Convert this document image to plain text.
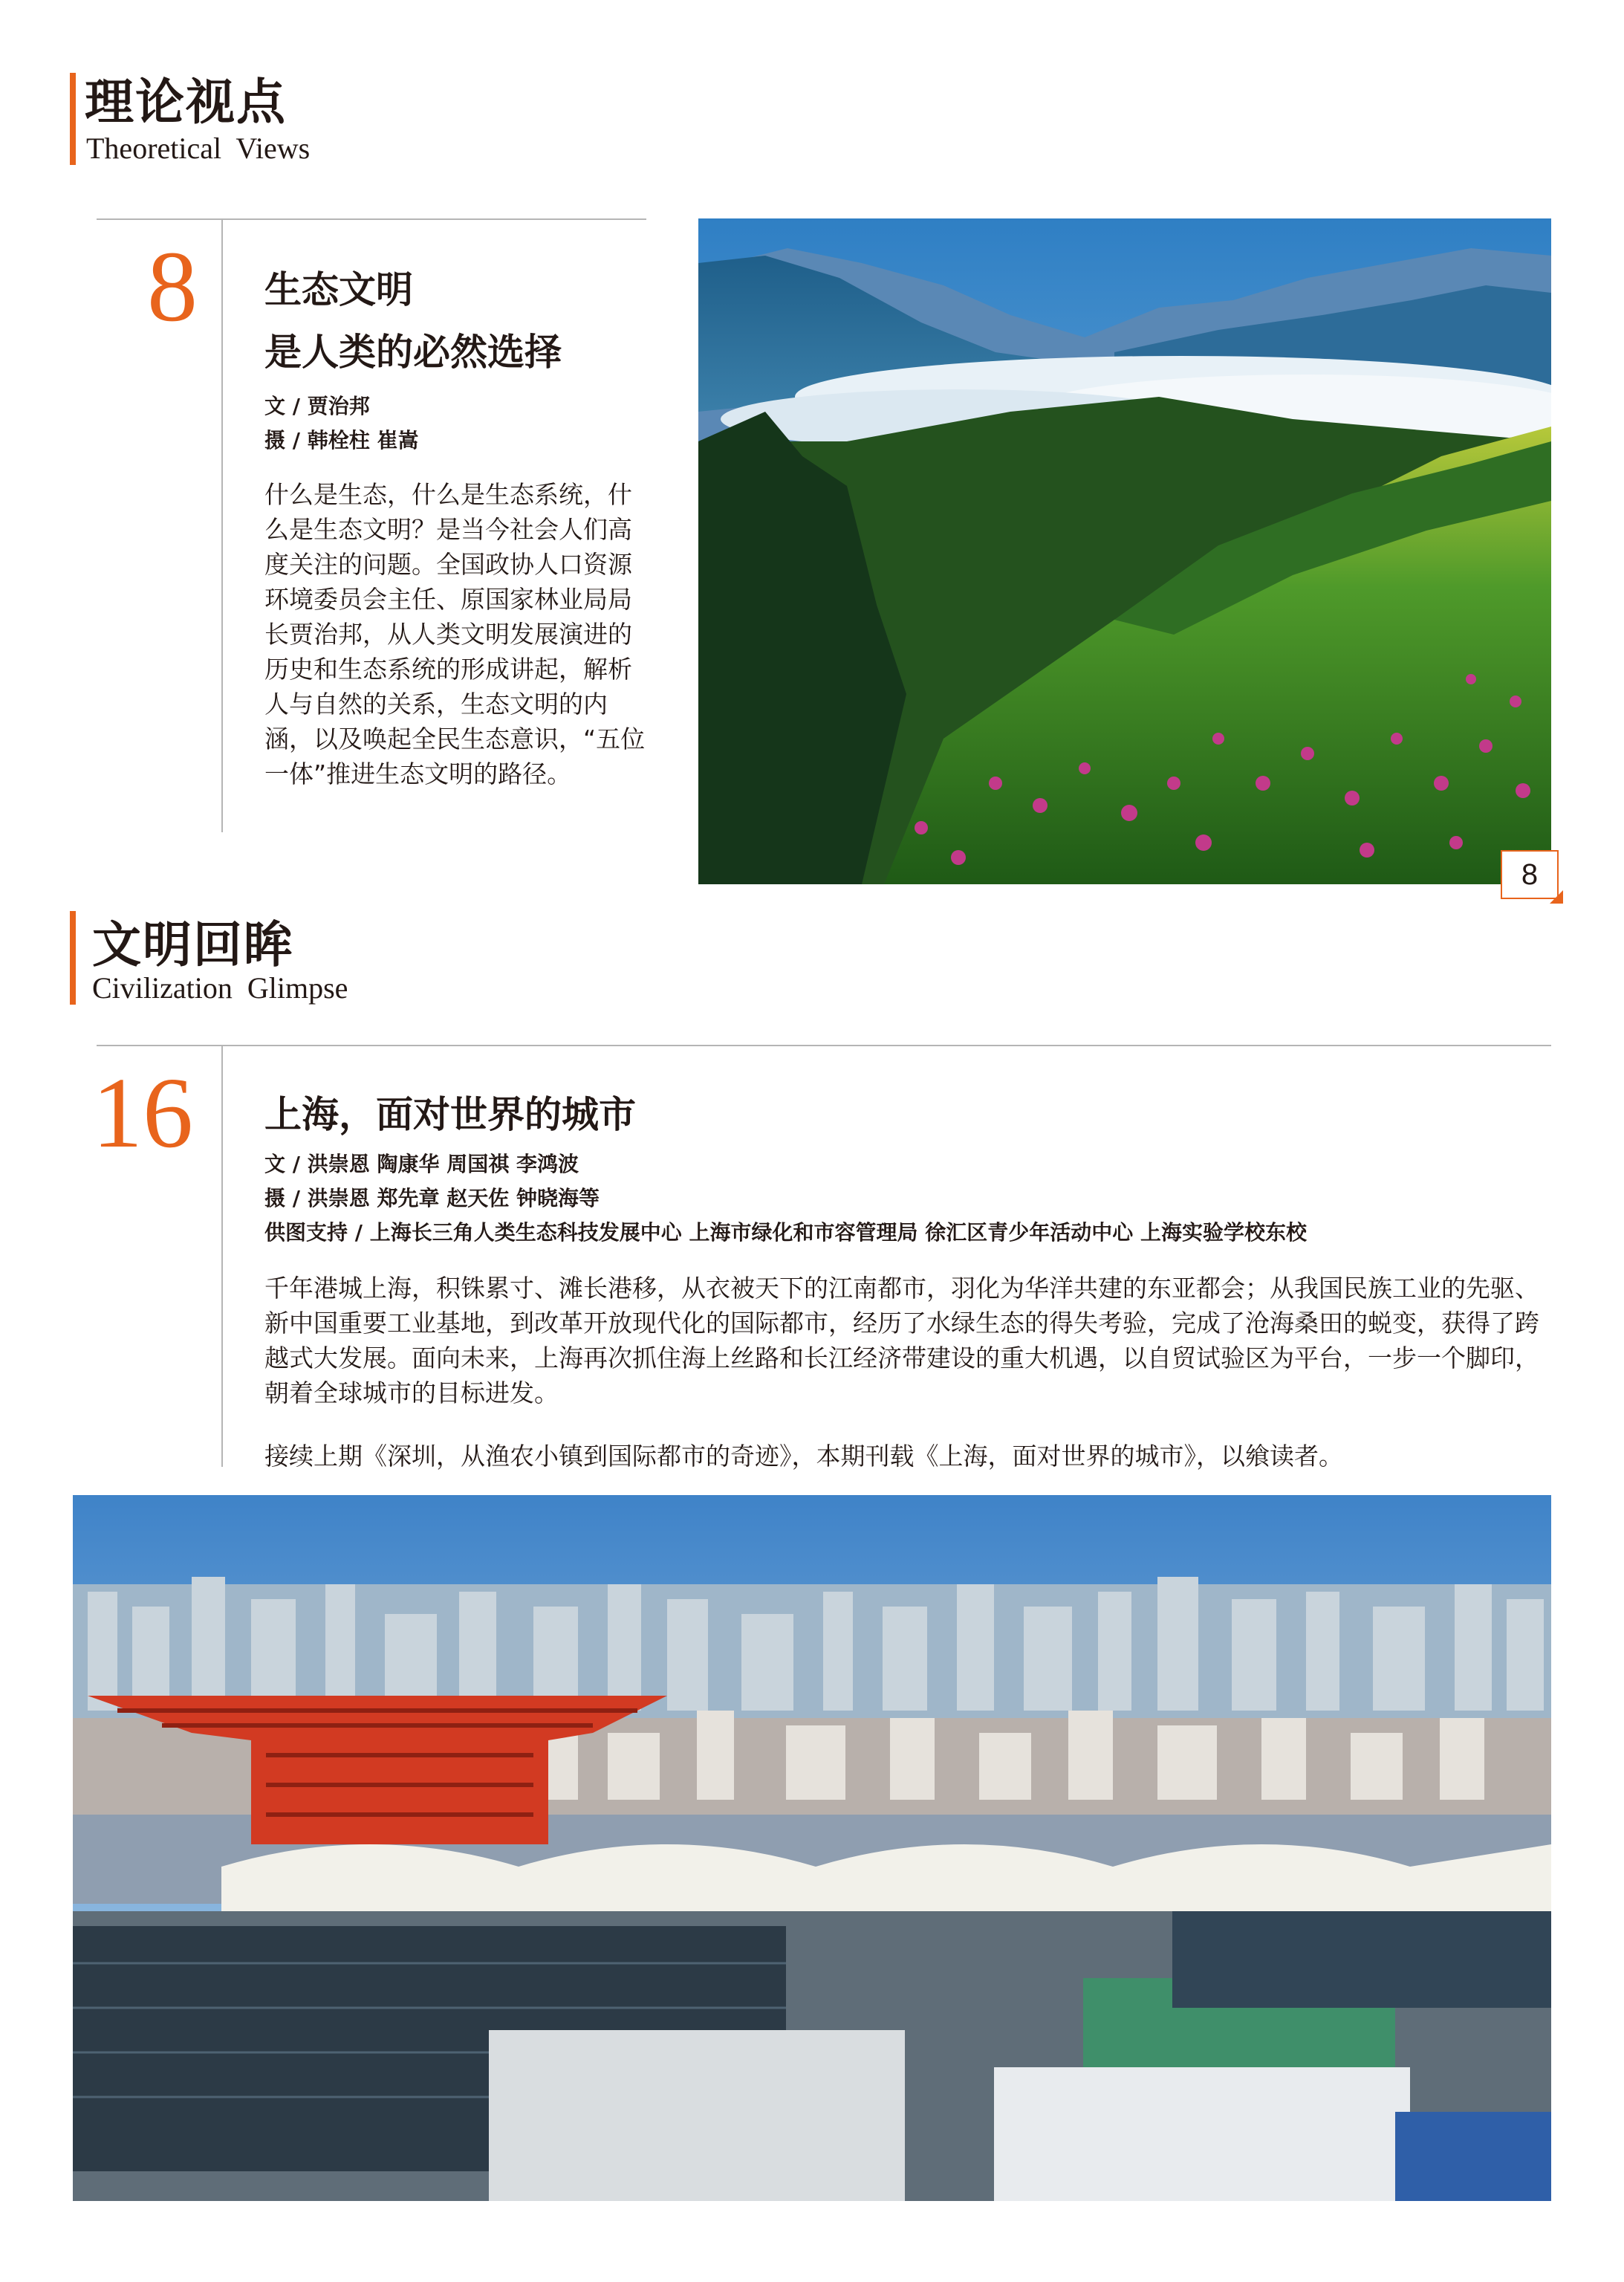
理论视点
Theoretical Views
8 生态文明
是人类的必然选择
文 / 贾治邦
摄 / 韩栓柱 崔嵩
什么是生态，什么是生态系统，什么是生态文明？是当今社会人们高度关注的问题。全国政协人口资源环境委员会主任、原国家林业局局长贾治邦，从人类文明发展演进的历史和生态系统的形成讲起，解析人与自然的关系，生态文明的内涵，以及唤起全民生态意识，“五位一体”推进生态文明的路径。
8
文明回眸
Civilization Glimpse
16 上海，面对世界的城市
文 / 洪崇恩 陶康华 周国祺 李鸿波
摄 / 洪崇恩 郑先章 赵天佐 钟晓海等
供图支持 / 上海长三角人类生态科技发展中心 上海市绿化和市容管理局 徐汇区青少年活动中心 上海实验学校东校
千年港城上海，积铢累寸、滩长港移，从衣被天下的江南都市，羽化为华洋共建的东亚都会；从我国民族工业的先驱、新中国重要工业基地，到改革开放现代化的国际都市，经历了水绿生态的得失考验，完成了沧海桑田的蜕变，获得了跨越式大发展。面向未来，上海再次抓住海上丝路和长江经济带建设的重大机遇，以自贸试验区为平台，一步一个脚印，朝着全球城市的目标进发。
接续上期《深圳，从渔农小镇到国际都市的奇迹》，本期刊载《上海，面对世界的城市》，以飨读者。
